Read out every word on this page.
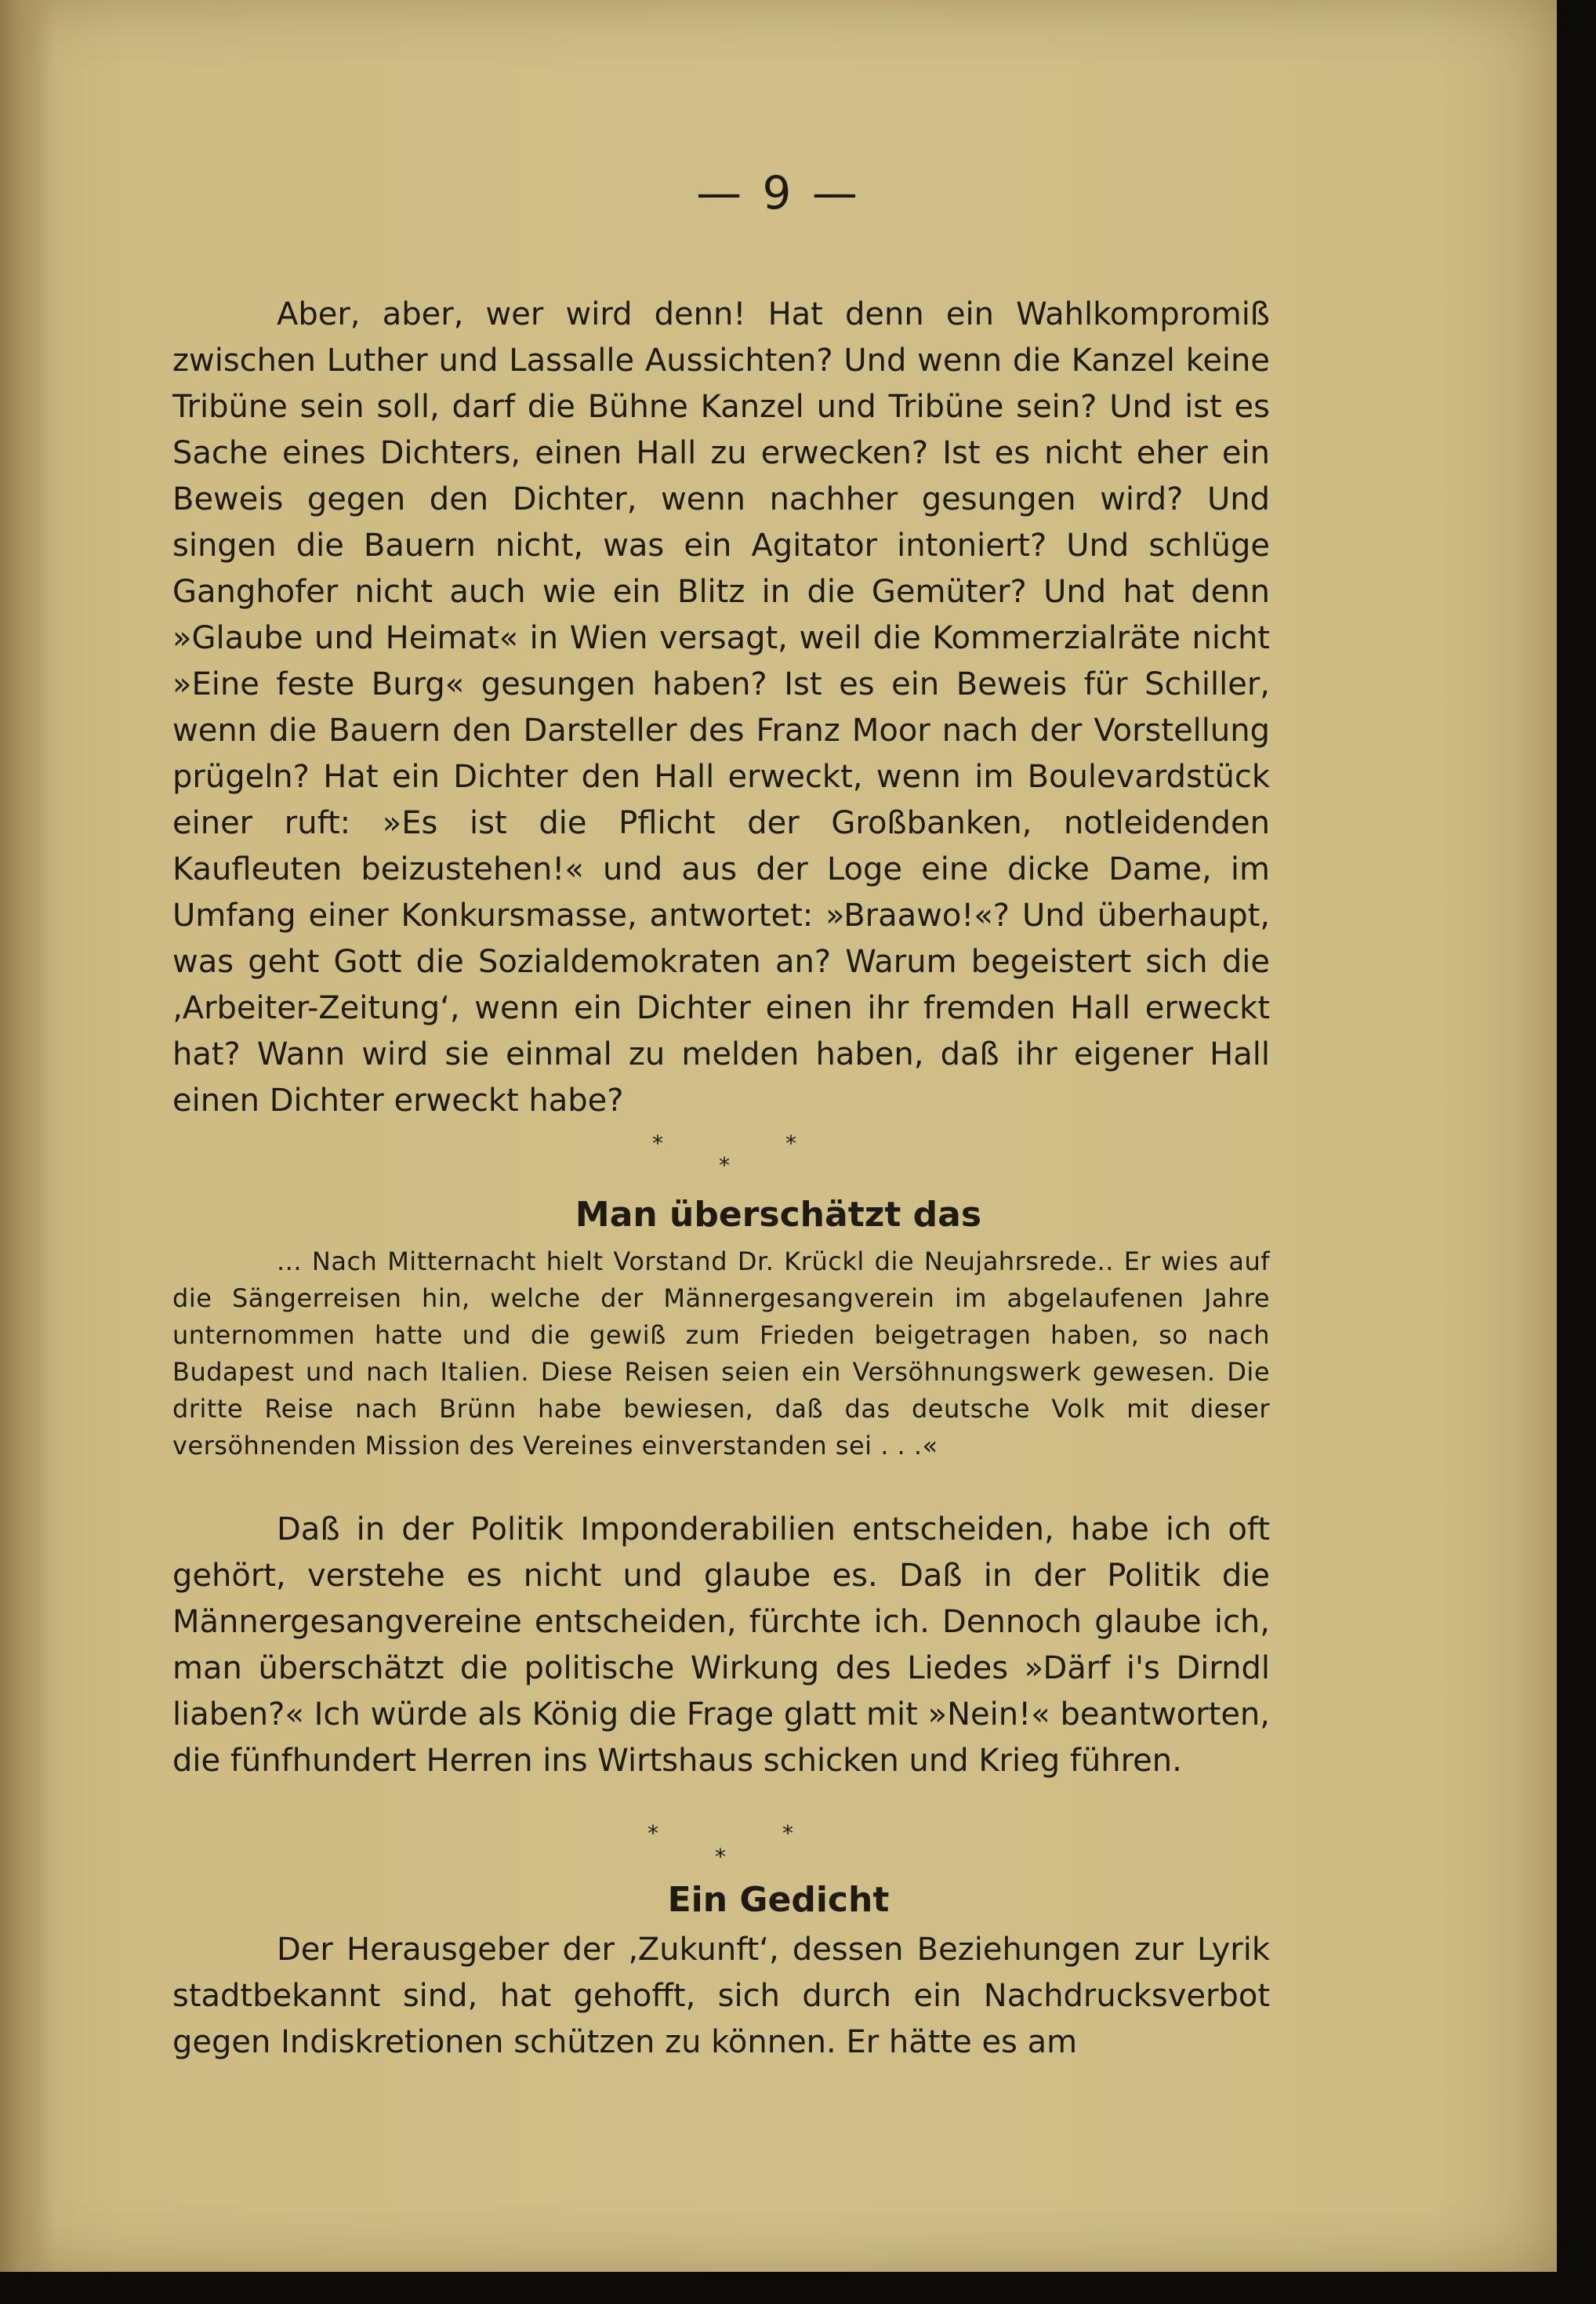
— 9 —

Aber, aber, wer wird denn! Hat denn ein Wahlkompromiß zwischen Luther und Lassalle Aussichten? Und wenn die Kanzel keine Tribüne sein soll, darf die Bühne Kanzel und Tribüne sein? Und ist es Sache eines Dichters, einen Hall zu erwecken? Ist es nicht eher ein Beweis gegen den Dichter, wenn nachher gesungen wird? Und singen die Bauern nicht, was ein Agitator intoniert? Und schlüge Ganghofer nicht auch wie ein Blitz in die Gemüter? Und hat denn »Glaube und Heimat« in Wien versagt, weil die Kommerzialräte nicht »Eine feste Burg« gesungen haben? Ist es ein Beweis für Schiller, wenn die Bauern den Darsteller des Franz Moor nach der Vorstellung prügeln? Hat ein Dichter den Hall erweckt, wenn im Boulevardstück einer ruft: »Es ist die Pflicht der Großbanken, notleidenden Kaufleuten beizustehen!« und aus der Loge eine dicke Dame, im Umfang einer Konkursmasse, antwortet: »Braawo!«? Und überhaupt, was geht Gott die Sozialdemokraten an? Warum begeistert sich die ‚Arbeiter-Zeitung‘, wenn ein Dichter einen ihr fremden Hall erweckt hat? Wann wird sie einmal zu melden haben, daß ihr eigener Hall einen Dichter erweckt habe?

*	*
*
Man überschätzt das

... Nach Mitternacht hielt Vorstand Dr. Krückl die Neujahrsrede.. Er wies auf die Sängerreisen hin, welche der Männergesangverein im abgelaufenen Jahre unternommen hatte und die gewiß zum Frieden beigetragen haben, so nach Budapest und nach Italien. Diese Reisen seien ein Versöhnungswerk gewesen. Die dritte Reise nach Brünn habe bewiesen, daß das deutsche Volk mit dieser versöhnenden Mission des Vereines einverstanden sei . . .«

Daß in der Politik Imponderabilien entscheiden, habe ich oft gehört, verstehe es nicht und glaube es. Daß in der Politik die Männergesangvereine entscheiden, fürchte ich. Dennoch glaube ich, man überschätzt die politische Wirkung des Liedes »Därf i's Dirndl liaben?« Ich würde als König die Frage glatt mit »Nein!« beantworten, die fünfhundert Herren ins Wirtshaus schicken und Krieg führen.

*	*
*
Ein Gedicht

Der Herausgeber der ‚Zukunft‘, dessen Beziehungen zur Lyrik stadtbekannt sind, hat gehofft, sich durch ein Nachdrucksverbot gegen Indiskretionen schützen zu können. Er hätte es am
